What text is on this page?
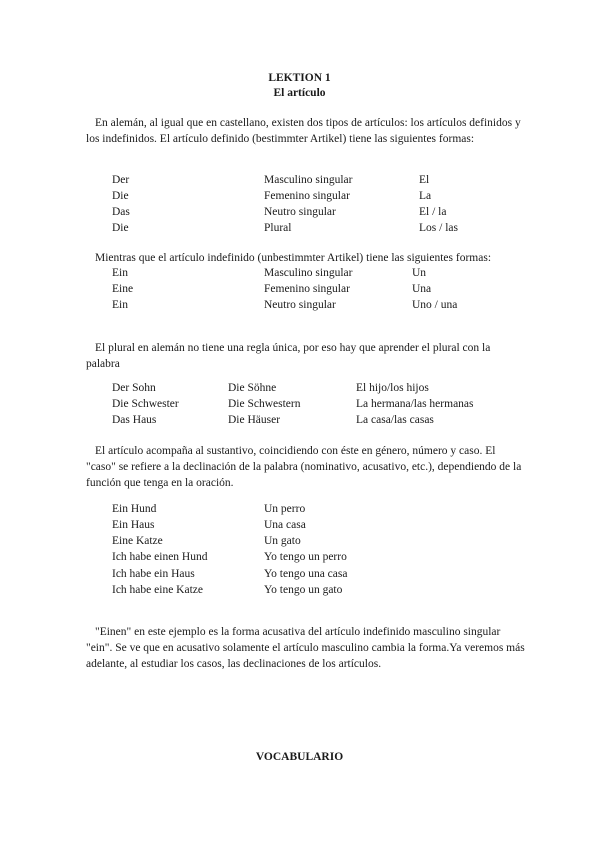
LEKTION 1
El artículo

En alemán, al igual que en castellano, existen dos tipos de artículos: los artículos definidos y los indefinidos. El artículo definido (bestimmter Artikel) tiene las siguientes formas:

Der	Masculino singular	El
Die	Femenino singular	La
Das	Neutro singular	El / la
Die	Plural	Los / las

Mientras que el artículo indefinido (unbestimmter Artikel) tiene las siguientes formas:

Ein	Masculino singular	Un
Eine	Femenino singular	Una
Ein	Neutro singular	Uno / una

El plural en alemán no tiene una regla única, por eso hay que aprender el plural con la palabra

Der Sohn	Die Söhne	El hijo/los hijos
Die Schwester	Die Schwestern	La hermana/las hermanas
Das Haus	Die Häuser	La casa/las casas

El artículo acompaña al sustantivo, coincidiendo con éste en género, número y caso. El "caso" se refiere a la declinación de la palabra (nominativo, acusativo, etc.), dependiendo de la función que tenga en la oración.

Ein Hund	Un perro
Ein Haus	Una casa
Eine Katze	Un gato
Ich habe einen Hund	Yo tengo un perro
Ich habe ein Haus	Yo tengo una casa
Ich habe eine Katze	Yo tengo un gato

"Einen" en este ejemplo es la forma acusativa del artículo indefinido masculino singular "ein". Se ve que en acusativo solamente el artículo masculino cambia la forma.Ya veremos más adelante, al estudiar los casos, las declinaciones de los artículos.

VOCABULARIO
